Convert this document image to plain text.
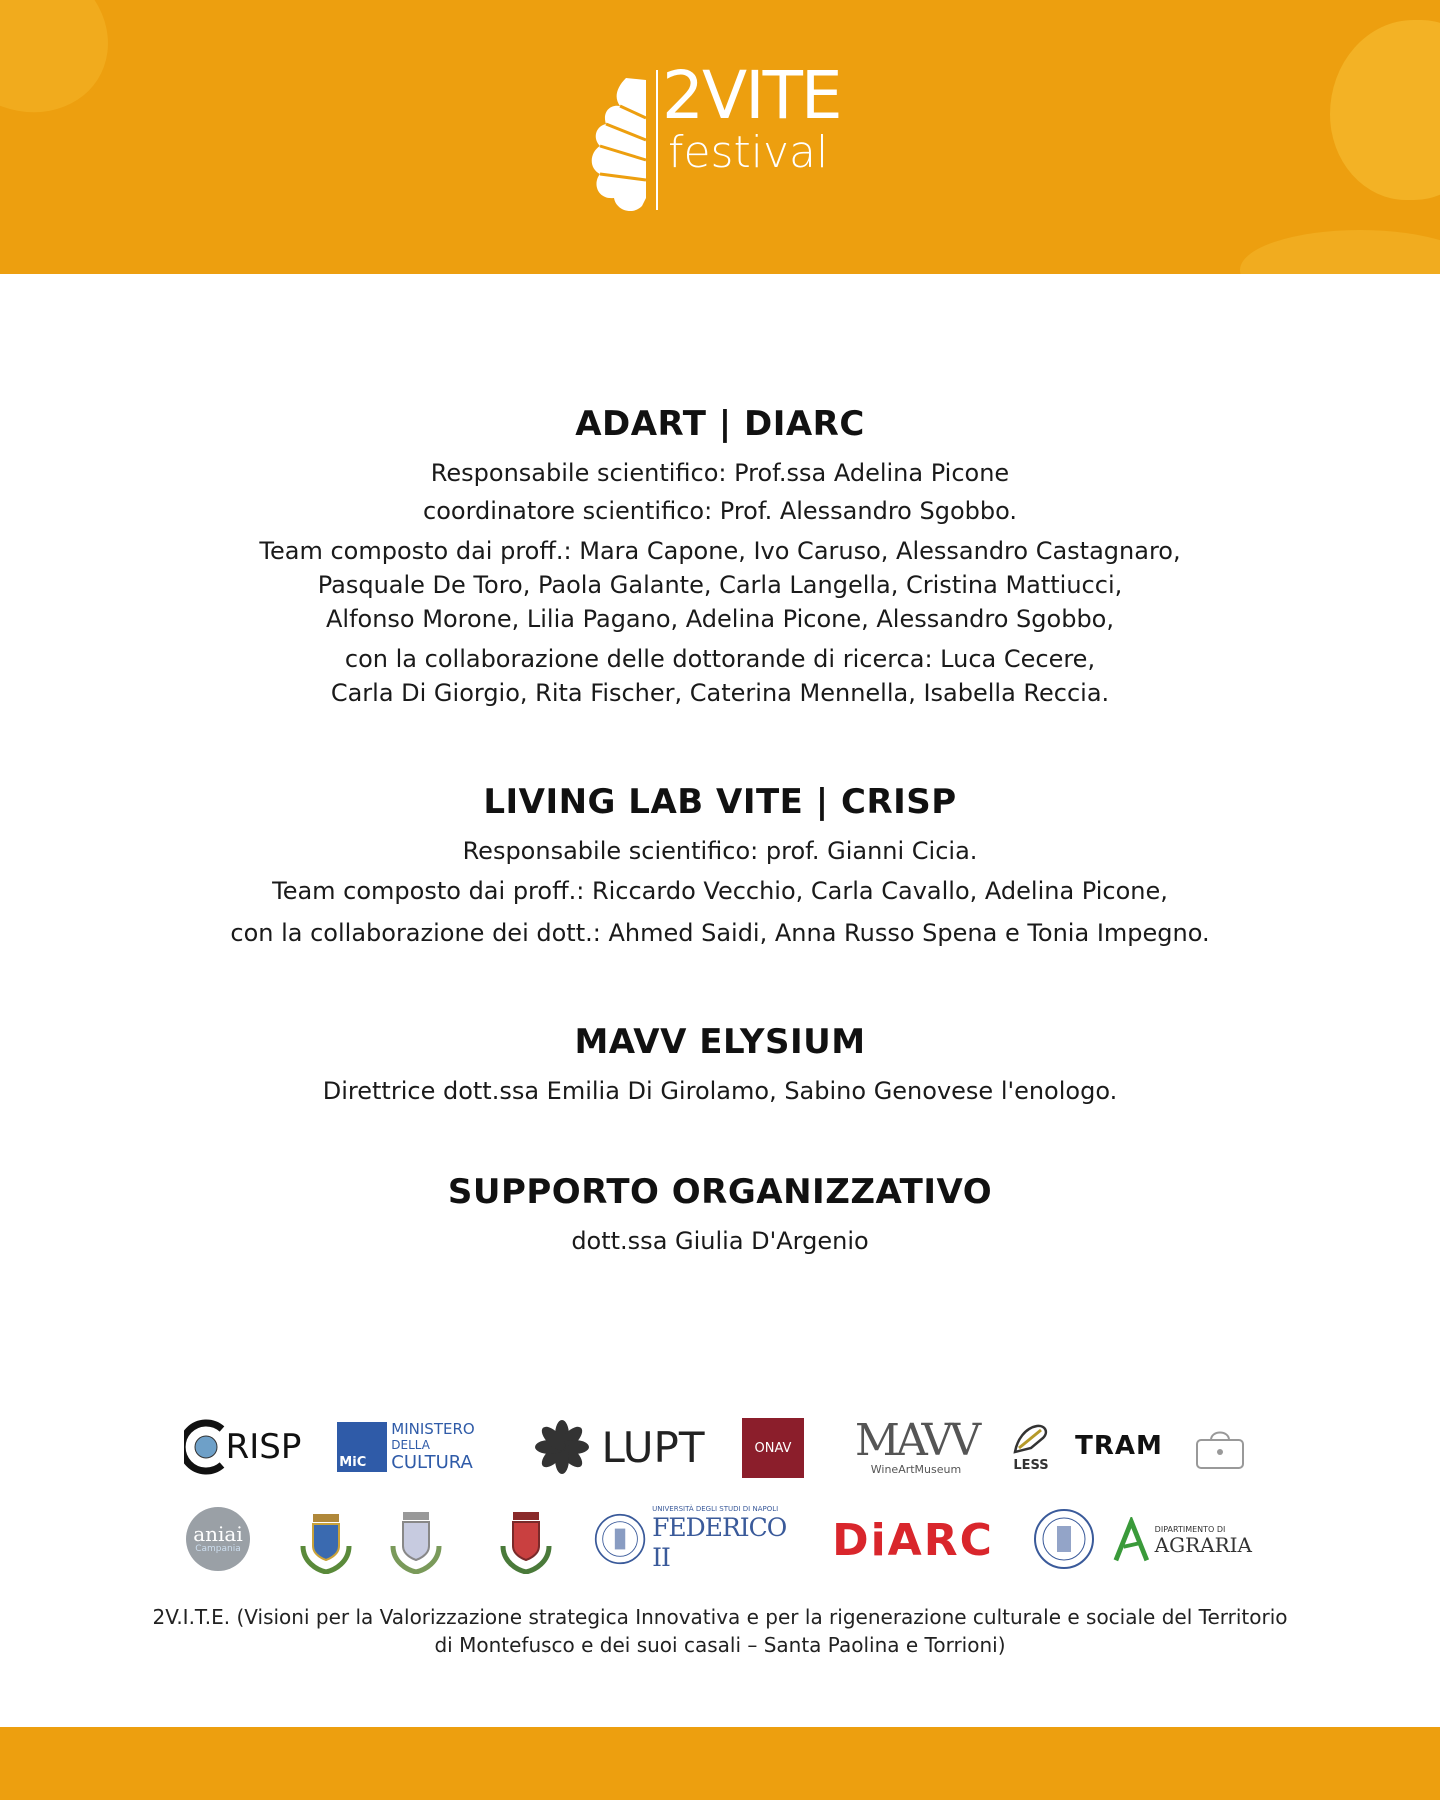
2VITE
festival
ADART | DIARC

Responsabile scientifico: Prof.ssa Adelina Picone

coordinatore scientifico: Prof. Alessandro Sgobbo.

Team composto dai proff.: Mara Capone, Ivo Caruso, Alessandro Castagnaro,

Pasquale De Toro, Paola Galante, Carla Langella, Cristina Mattiucci,

Alfonso Morone, Lilia Pagano, Adelina Picone, Alessandro Sgobbo,

con la collaborazione delle dottorande di ricerca: Luca Cecere,

Carla Di Giorgio, Rita Fischer, Caterina Mennella, Isabella Reccia.

LIVING LAB VITE | CRISP

Responsabile scientifico: prof. Gianni Cicia.

Team composto dai proff.: Riccardo Vecchio, Carla Cavallo, Adelina Picone,

con la collaborazione dei dott.: Ahmed Saidi, Anna Russo Spena e Tonia Impegno.

MAVV ELYSIUM

Direttrice dott.ssa Emilia Di Girolamo, Sabino Genovese l'enologo.

SUPPORTO ORGANIZZATIVO

dott.ssa Giulia D'Argenio

RISP	MiC
MINISTERO
DELLA
CULTURA	LUPT	ONAV MAVV
WineArtMuseum	LESS
TRAM
aniai
Campania
UNIVERSITÀ DEGLI STUDI DI NAPOLI
FEDERICO II	DiARC	DIPARTIMENTO DI
AGRARIA
2V.I.T.E. (Visioni per la Valorizzazione strategica Innovativa e per la rigenerazione culturale e sociale del Territorio
di Montefusco e dei suoi casali – Santa Paolina e Torrioni)
